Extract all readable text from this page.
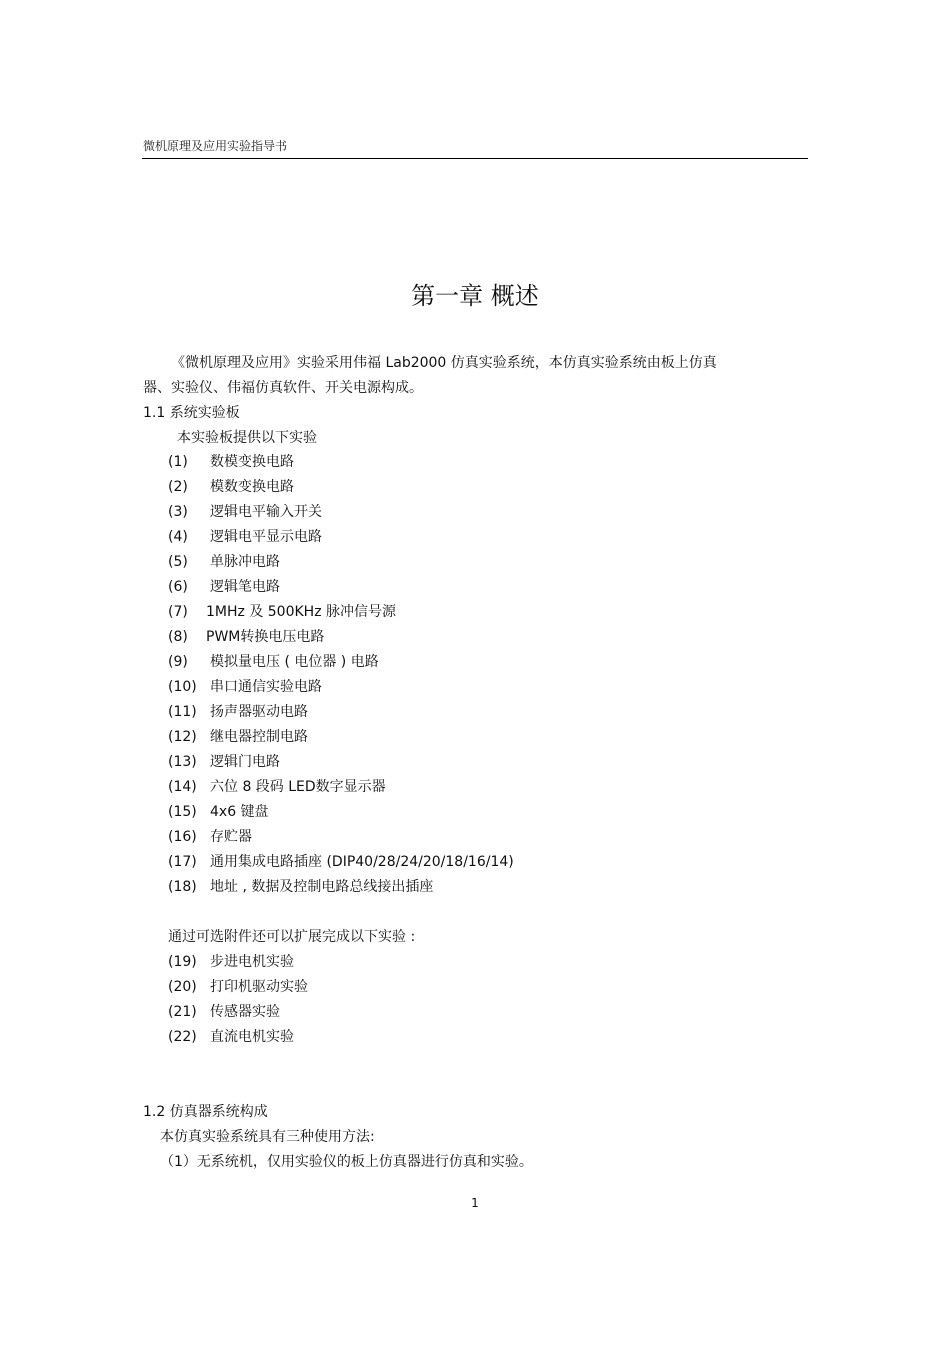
微机原理及应用实验指导书
第一章 概述
《微机原理及应用》实验采用伟福 Lab2000 仿真实验系统，本仿真实验系统由板上仿真
器、实验仪、伟福仿真软件、开关电源构成。
1.1 系统实验板
本实验板提供以下实验
(1) 数模变换电路
(2) 模数变换电路
(3) 逻辑电平输入开关
(4) 逻辑电平显示电路
(5) 单脉冲电路
(6) 逻辑笔电路
(7) 1MHz 及 500KHz 脉冲信号源
(8) PWM转换电压电路
(9) 模拟量电压 ( 电位器 ) 电路
(10) 串口通信实验电路
(11) 扬声器驱动电路
(12) 继电器控制电路
(13) 逻辑门电路
(14) 六位 8 段码 LED数字显示器
(15) 4x6 键盘
(16) 存贮器
(17) 通用集成电路插座 (DIP40/28/24/20/18/16/14)
(18) 地址 , 数据及控制电路总线接出插座
通过可选附件还可以扩展完成以下实验 :
(19) 步进电机实验
(20) 打印机驱动实验
(21) 传感器实验
(22) 直流电机实验
1.2 仿真器系统构成
本仿真实验系统具有三种使用方法:
（1）无系统机，仅用实验仪的板上仿真器进行仿真和实验。
1
